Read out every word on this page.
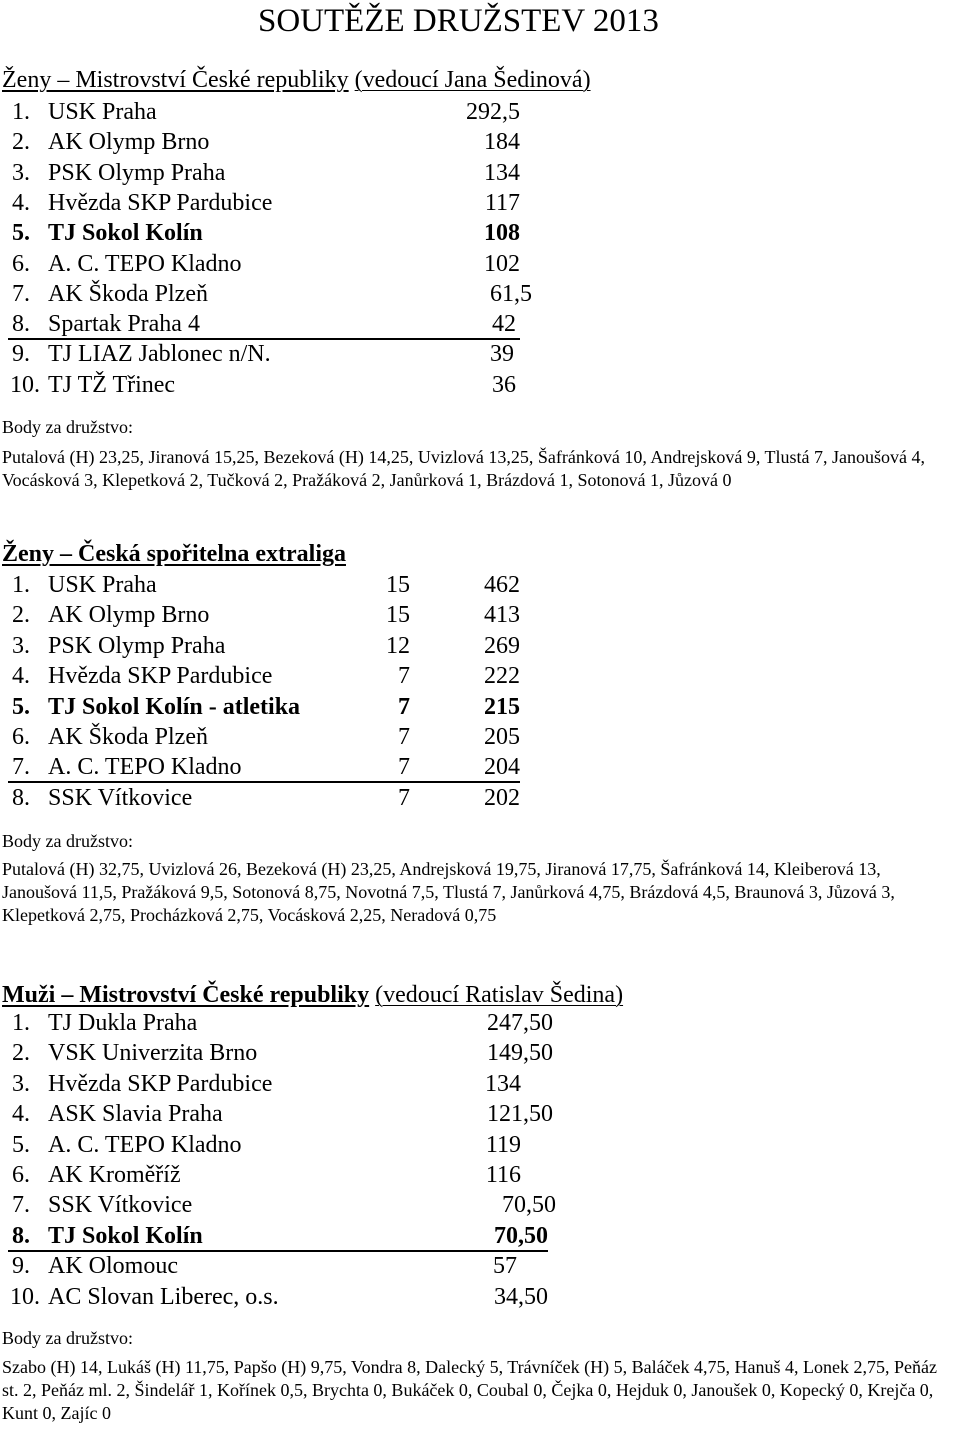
SOUTĚŽE DRUŽSTEV 2013
Ženy – Mistrovství České republiky (vedoucí Jana Šedinová)
1. USK Praha	292,5
2. AK Olymp Brno	184
3. PSK Olymp Praha	134
4. Hvězda SKP Pardubice	117
5. TJ Sokol Kolín	108
6. A. C. TEPO Kladno	102
7. AK Škoda Plzeň	61,5
8. Spartak Praha 4	42
9. TJ LIAZ Jablonec n/N.	39
10. TJ TŽ Třinec	36
Body za družstvo:
Putalová (H) 23,25, Jiranová 15,25, Bezeková (H) 14,25, Uvizlová 13,25, Šafránková 10, Andrejsková 9, Tlustá 7, Janoušová 4, Vocásková 3, Klepetková 2, Tučková 2, Pražáková 2, Janůrková 1, Brázdová 1, Sotonová 1, Jůzová 0
Ženy – Česká spořitelna extraliga
1. USK Praha	15	462
2. AK Olymp Brno	15	413
3. PSK Olymp Praha	12	269
4. Hvězda SKP Pardubice	7	222
5. TJ Sokol Kolín - atletika	7	215
6. AK Škoda Plzeň	7	205
7. A. C. TEPO Kladno	7	204
8. SSK Vítkovice	7	202
Body za družstvo:
Putalová (H) 32,75, Uvizlová 26, Bezeková (H) 23,25, Andrejsková 19,75, Jiranová 17,75, Šafránková 14, Kleiberová 13, Janoušová 11,5, Pražáková 9,5, Sotonová 8,75, Novotná 7,5, Tlustá 7, Janůrková 4,75, Brázdová 4,5, Braunová 3, Jůzová 3, Klepetková 2,75, Procházková 2,75, Vocásková 2,25, Neradová 0,75
Muži – Mistrovství České republiky (vedoucí Ratislav Šedina)
1. TJ Dukla Praha	247,50
2. VSK Univerzita Brno	149,50
3. Hvězda SKP Pardubice	134
4. ASK Slavia Praha	121,50
5. A. C. TEPO Kladno	119
6. AK Kroměříž	116
7. SSK Vítkovice	70,50
8. TJ Sokol Kolín	70,50
9. AK Olomouc	57
10. AC Slovan Liberec, o.s.	34,50
Body za družstvo:
Szabo (H) 14, Lukáš (H) 11,75, Papšo (H) 9,75, Vondra 8, Dalecký 5, Trávníček (H) 5, Baláček 4,75, Hanuš 4, Lonek 2,75, Peňáz st. 2, Peňáz ml. 2, Šindelář 1, Kořínek 0,5, Brychta 0, Bukáček 0, Coubal 0, Čejka 0, Hejduk 0, Janoušek 0, Kopecký 0, Krejča 0, Kunt 0, Zajíc 0
